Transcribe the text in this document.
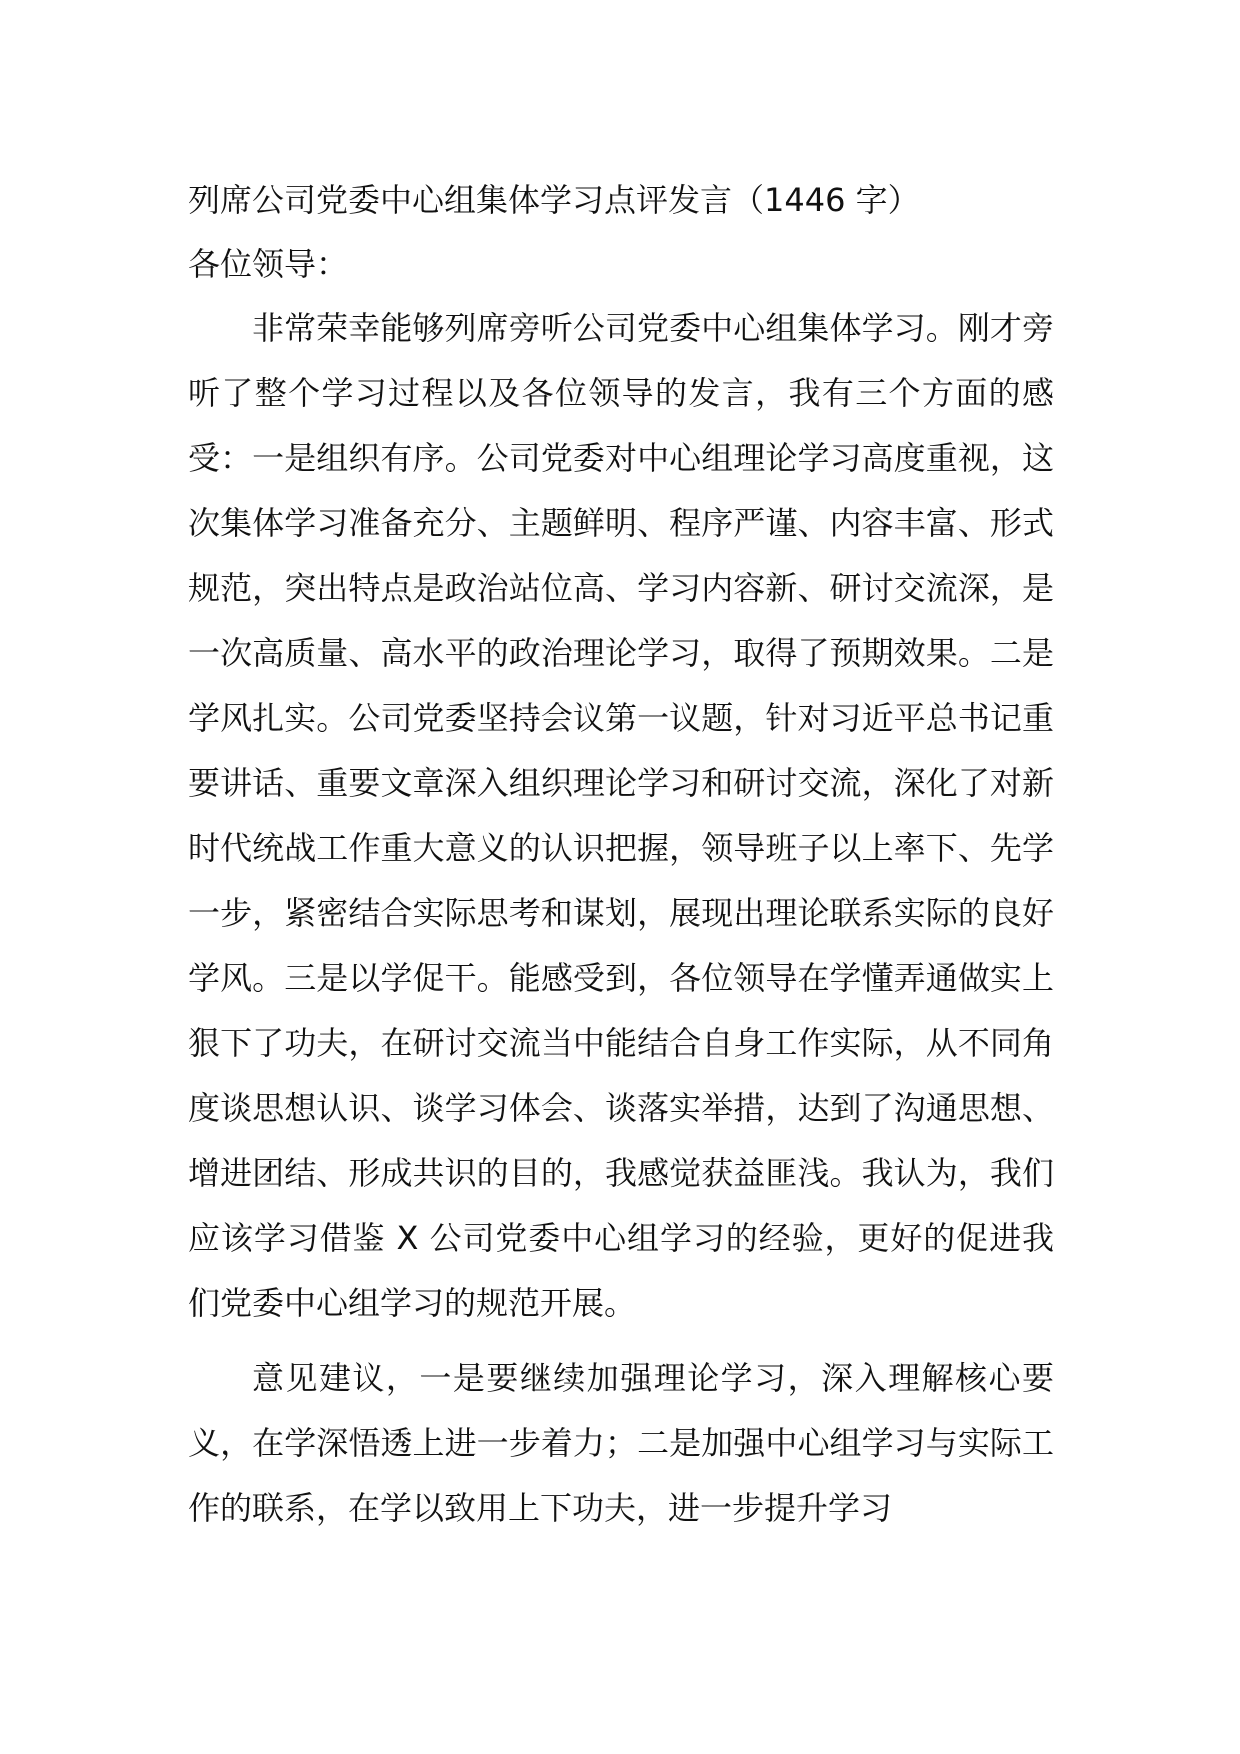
列席公司党委中心组集体学习点评发言（1446 字）

各位领导：

非常荣幸能够列席旁听公司党委中心组集体学习。刚才旁听了整个学习过程以及各位领导的发言，我有三个方面的感受：一是组织有序。公司党委对中心组理论学习高度重视，这次集体学习准备充分、主题鲜明、程序严谨、内容丰富、形式规范，突出特点是政治站位高、学习内容新、研讨交流深，是一次高质量、高水平的政治理论学习，取得了预期效果。二是学风扎实。公司党委坚持会议第一议题，针对习近平总书记重要讲话、重要文章深入组织理论学习和研讨交流，深化了对新时代统战工作重大意义的认识把握，领导班子以上率下、先学一步，紧密结合实际思考和谋划，展现出理论联系实际的良好学风。三是以学促干。能感受到，各位领导在学懂弄通做实上狠下了功夫，在研讨交流当中能结合自身工作实际，从不同角度谈思想认识、谈学习体会、谈落实举措，达到了沟通思想、增进团结、形成共识的目的，我感觉获益匪浅。我认为，我们应该学习借鉴 X 公司党委中心组学习的经验，更好的促进我们党委中心组学习的规范开展。

意见建议，一是要继续加强理论学习，深入理解核心要义，在学深悟透上进一步着力；二是加强中心组学习与实际工作的联系，在学以致用上下功夫，进一步提升学习
